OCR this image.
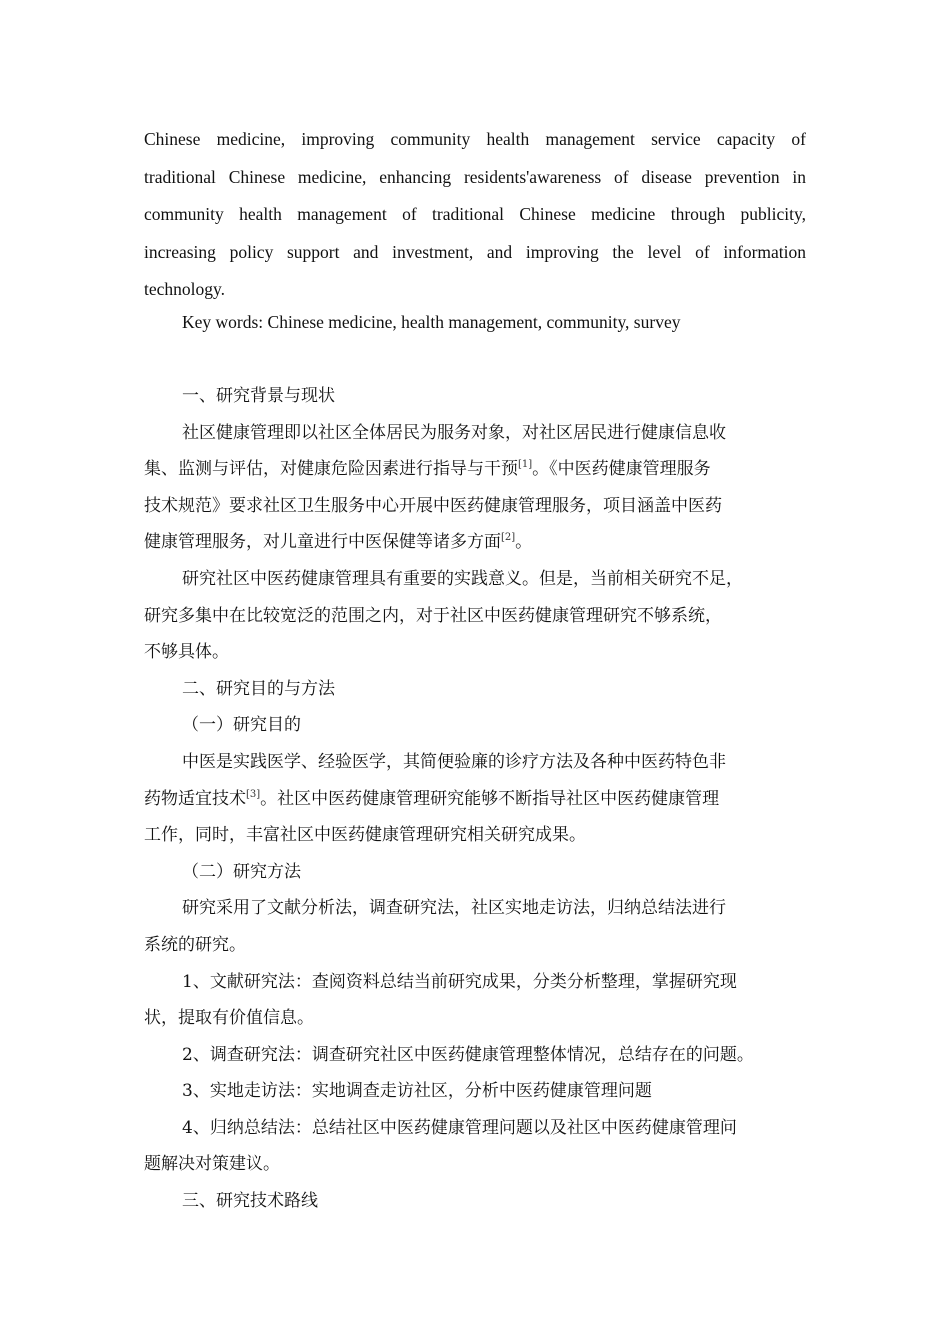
Chinese medicine, improving community health management service capacity of
traditional Chinese medicine, enhancing residents'awareness of disease prevention in
community health management of traditional Chinese medicine through publicity,
increasing policy support and investment, and improving the level of information
technology.
Key words: Chinese medicine, health management, community, survey
一、研究背景与现状
社区健康管理即以社区全体居民为服务对象，对社区居民进行健康信息收
集、监测与评估，对健康危险因素进行指导与干预[1]。《中医药健康管理服务
技术规范》要求社区卫生服务中心开展中医药健康管理服务，项目涵盖中医药
健康管理服务，对儿童进行中医保健等诸多方面[2]。
研究社区中医药健康管理具有重要的实践意义。但是，当前相关研究不足，
研究多集中在比较宽泛的范围之内，对于社区中医药健康管理研究不够系统，
不够具体。
二、研究目的与方法
（一）研究目的
中医是实践医学、经验医学，其简便验廉的诊疗方法及各种中医药特色非
药物适宜技术[3]。社区中医药健康管理研究能够不断指导社区中医药健康管理
工作，同时，丰富社区中医药健康管理研究相关研究成果。
（二）研究方法
研究采用了文献分析法，调查研究法，社区实地走访法，归纳总结法进行
系统的研究。
1、文献研究法：查阅资料总结当前研究成果，分类分析整理，掌握研究现
状，提取有价值信息。
2、调查研究法：调查研究社区中医药健康管理整体情况，总结存在的问题。
3、实地走访法：实地调查走访社区，分析中医药健康管理问题
4、归纳总结法：总结社区中医药健康管理问题以及社区中医药健康管理问
题解决对策建议。
三、研究技术路线
